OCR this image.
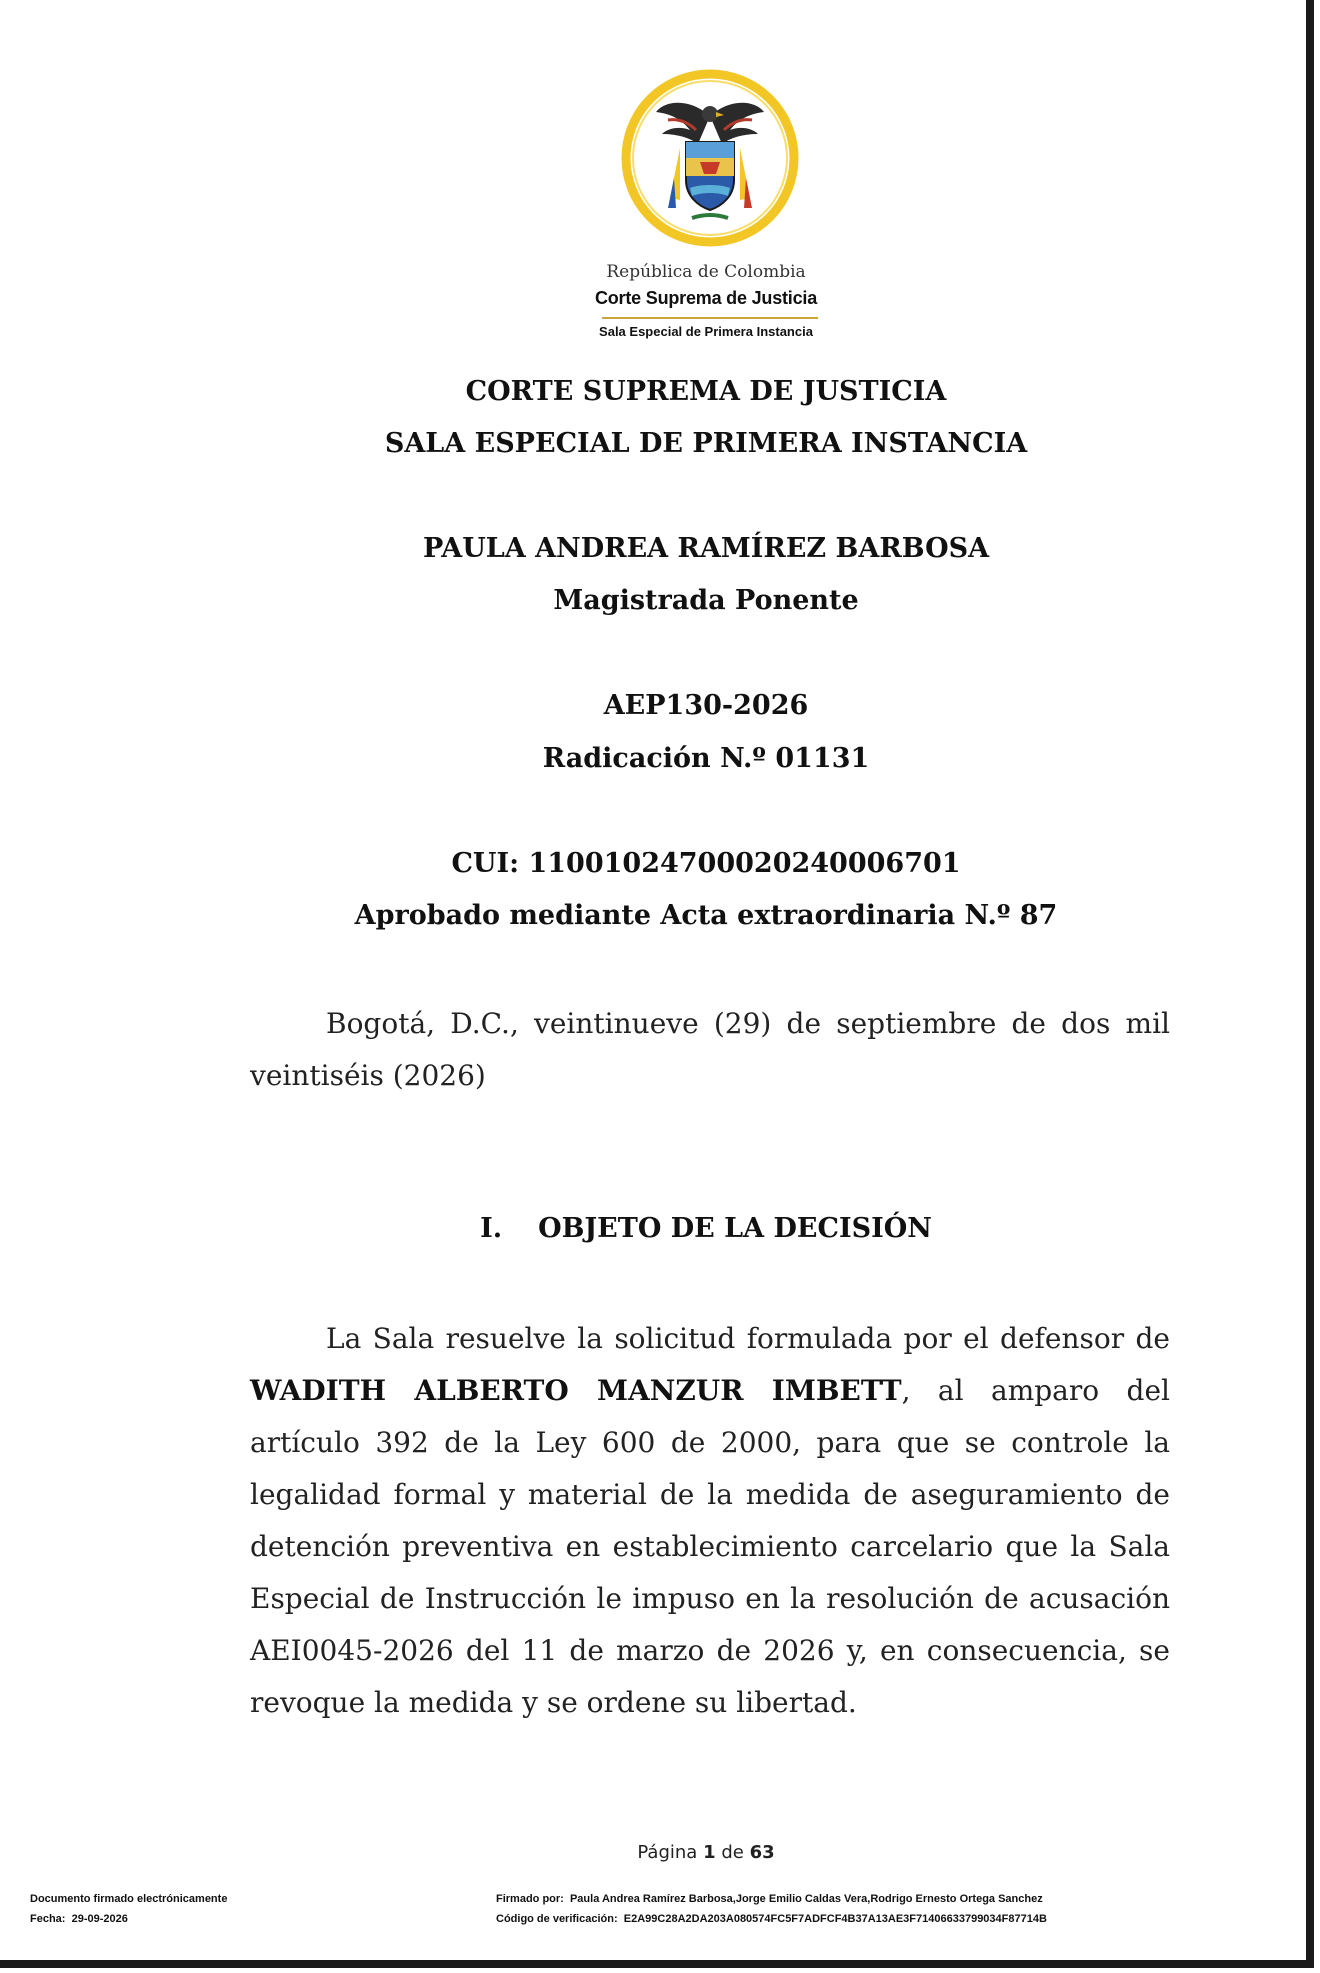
República de Colombia
Corte Suprema de Justicia
Sala Especial de Primera Instancia
CORTE SUPREMA DE JUSTICIA
SALA ESPECIAL DE PRIMERA INSTANCIA
PAULA ANDREA RAMÍREZ BARBOSA
Magistrada Ponente
AEP130-2026
Radicación N.º 01131
CUI: 11001024700020240006701
Aprobado mediante Acta extraordinaria N.º 87

Bogotá, D.C., veintinueve (29) de septiembre de dos mil veintiséis (2026)

I. OBJETO DE LA DECISIÓN

La Sala resuelve la solicitud formulada por el defensor de WADITH ALBERTO MANZUR IMBETT, al amparo del artículo 392 de la Ley 600 de 2000, para que se controle la legalidad formal y material de la medida de aseguramiento de detención preventiva en establecimiento carcelario que la Sala Especial de Instrucción le impuso en la resolución de acusación AEI0045-2026 del 11 de marzo de 2026 y, en consecuencia, se revoque la medida y se ordene su libertad.

Página 1 de 63
Documento firmado electrónicamente
Fecha: 29-09-2026
Firmado por: Paula Andrea Ramírez Barbosa,Jorge Emilio Caldas Vera,Rodrigo Ernesto Ortega Sanchez
Código de verificación: E2A99C28A2DA203A080574FC5F7ADFCF4B37A13AE3F71406633799034F87714B
